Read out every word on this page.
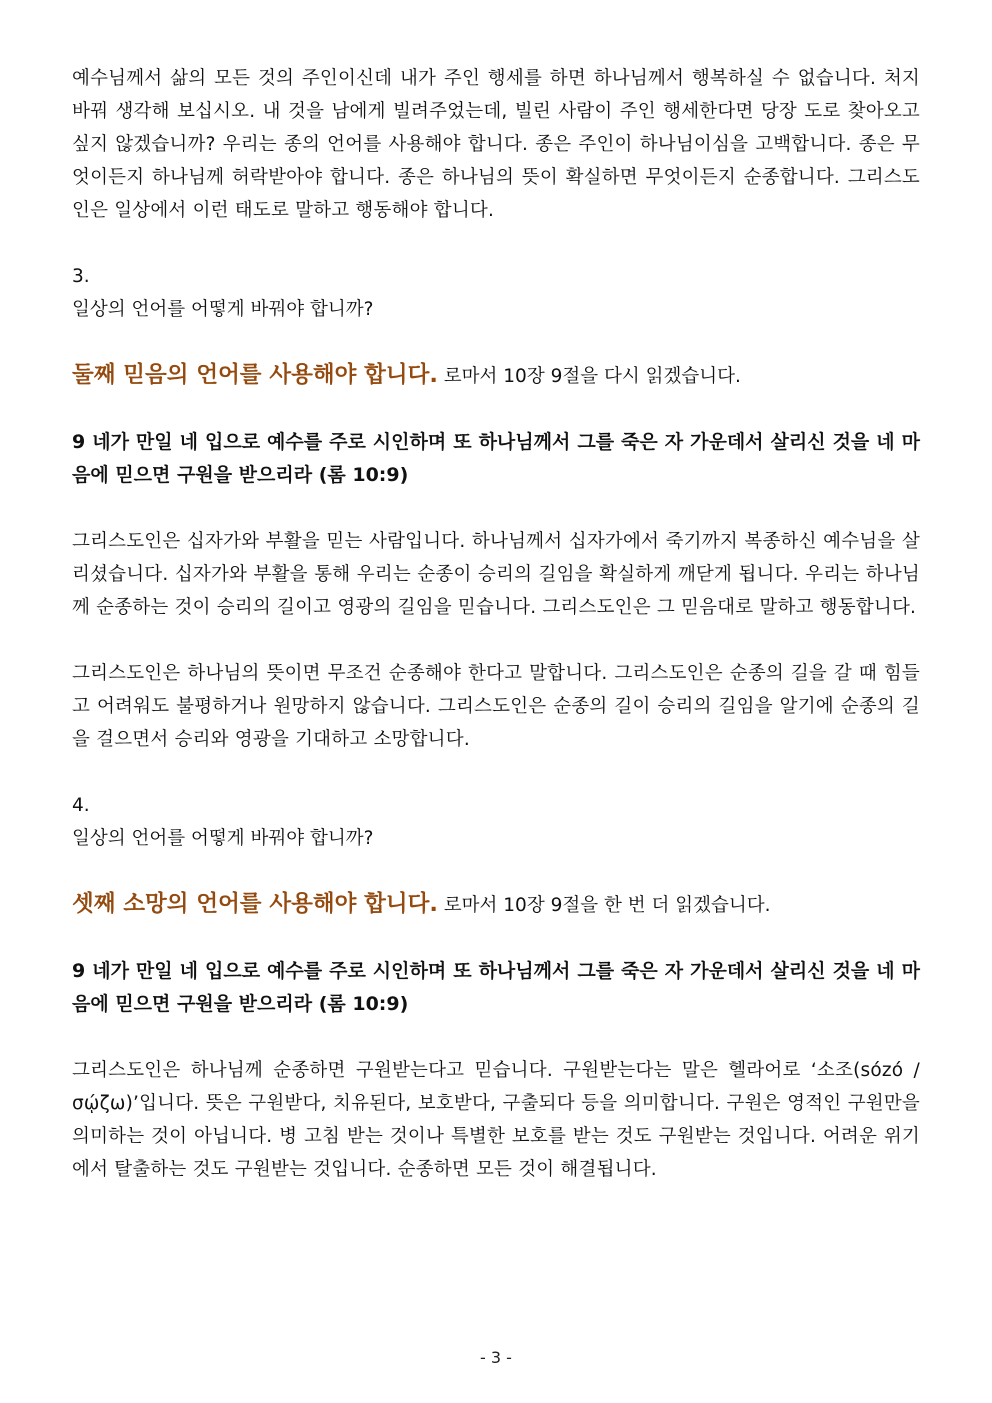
예수님께서 삶의 모든 것의 주인이신데 내가 주인 행세를 하면 하나님께서 행복하실 수 없습니다. 처지 바꿔 생각해 보십시오. 내 것을 남에게 빌려주었는데, 빌린 사람이 주인 행세한다면 당장 도로 찾아오고 싶지 않겠습니까? 우리는 종의 언어를 사용해야 합니다. 종은 주인이 하나님이심을 고백합니다. 종은 무엇이든지 하나님께 허락받아야 합니다. 종은 하나님의 뜻이 확실하면 무엇이든지 순종합니다. 그리스도인은 일상에서 이런 태도로 말하고 행동해야 합니다.

3.

일상의 언어를 어떻게 바꿔야 합니까?

둘째 믿음의 언어를 사용해야 합니다. 로마서 10장 9절을 다시 읽겠습니다.

9 네가 만일 네 입으로 예수를 주로 시인하며 또 하나님께서 그를 죽은 자 가운데서 살리신 것을 네 마음에 믿으면 구원을 받으리라 (롬 10:9)

그리스도인은 십자가와 부활을 믿는 사람입니다. 하나님께서 십자가에서 죽기까지 복종하신 예수님을 살리셨습니다. 십자가와 부활을 통해 우리는 순종이 승리의 길임을 확실하게 깨닫게 됩니다. 우리는 하나님께 순종하는 것이 승리의 길이고 영광의 길임을 믿습니다. 그리스도인은 그 믿음대로 말하고 행동합니다.

그리스도인은 하나님의 뜻이면 무조건 순종해야 한다고 말합니다. 그리스도인은 순종의 길을 갈 때 힘들고 어려워도 불평하거나 원망하지 않습니다. 그리스도인은 순종의 길이 승리의 길임을 알기에 순종의 길을 걸으면서 승리와 영광을 기대하고 소망합니다.

4.

일상의 언어를 어떻게 바꿔야 합니까?

셋째 소망의 언어를 사용해야 합니다. 로마서 10장 9절을 한 번 더 읽겠습니다.

9 네가 만일 네 입으로 예수를 주로 시인하며 또 하나님께서 그를 죽은 자 가운데서 살리신 것을 네 마음에 믿으면 구원을 받으리라 (롬 10:9)

그리스도인은 하나님께 순종하면 구원받는다고 믿습니다. 구원받는다는 말은 헬라어로 ‘소조(sózó / σῴζω)’입니다. 뜻은 구원받다, 치유된다, 보호받다, 구출되다 등을 의미합니다. 구원은 영적인 구원만을 의미하는 것이 아닙니다. 병 고침 받는 것이나 특별한 보호를 받는 것도 구원받는 것입니다. 어려운 위기에서 탈출하는 것도 구원받는 것입니다. 순종하면 모든 것이 해결됩니다.

- 3 -
